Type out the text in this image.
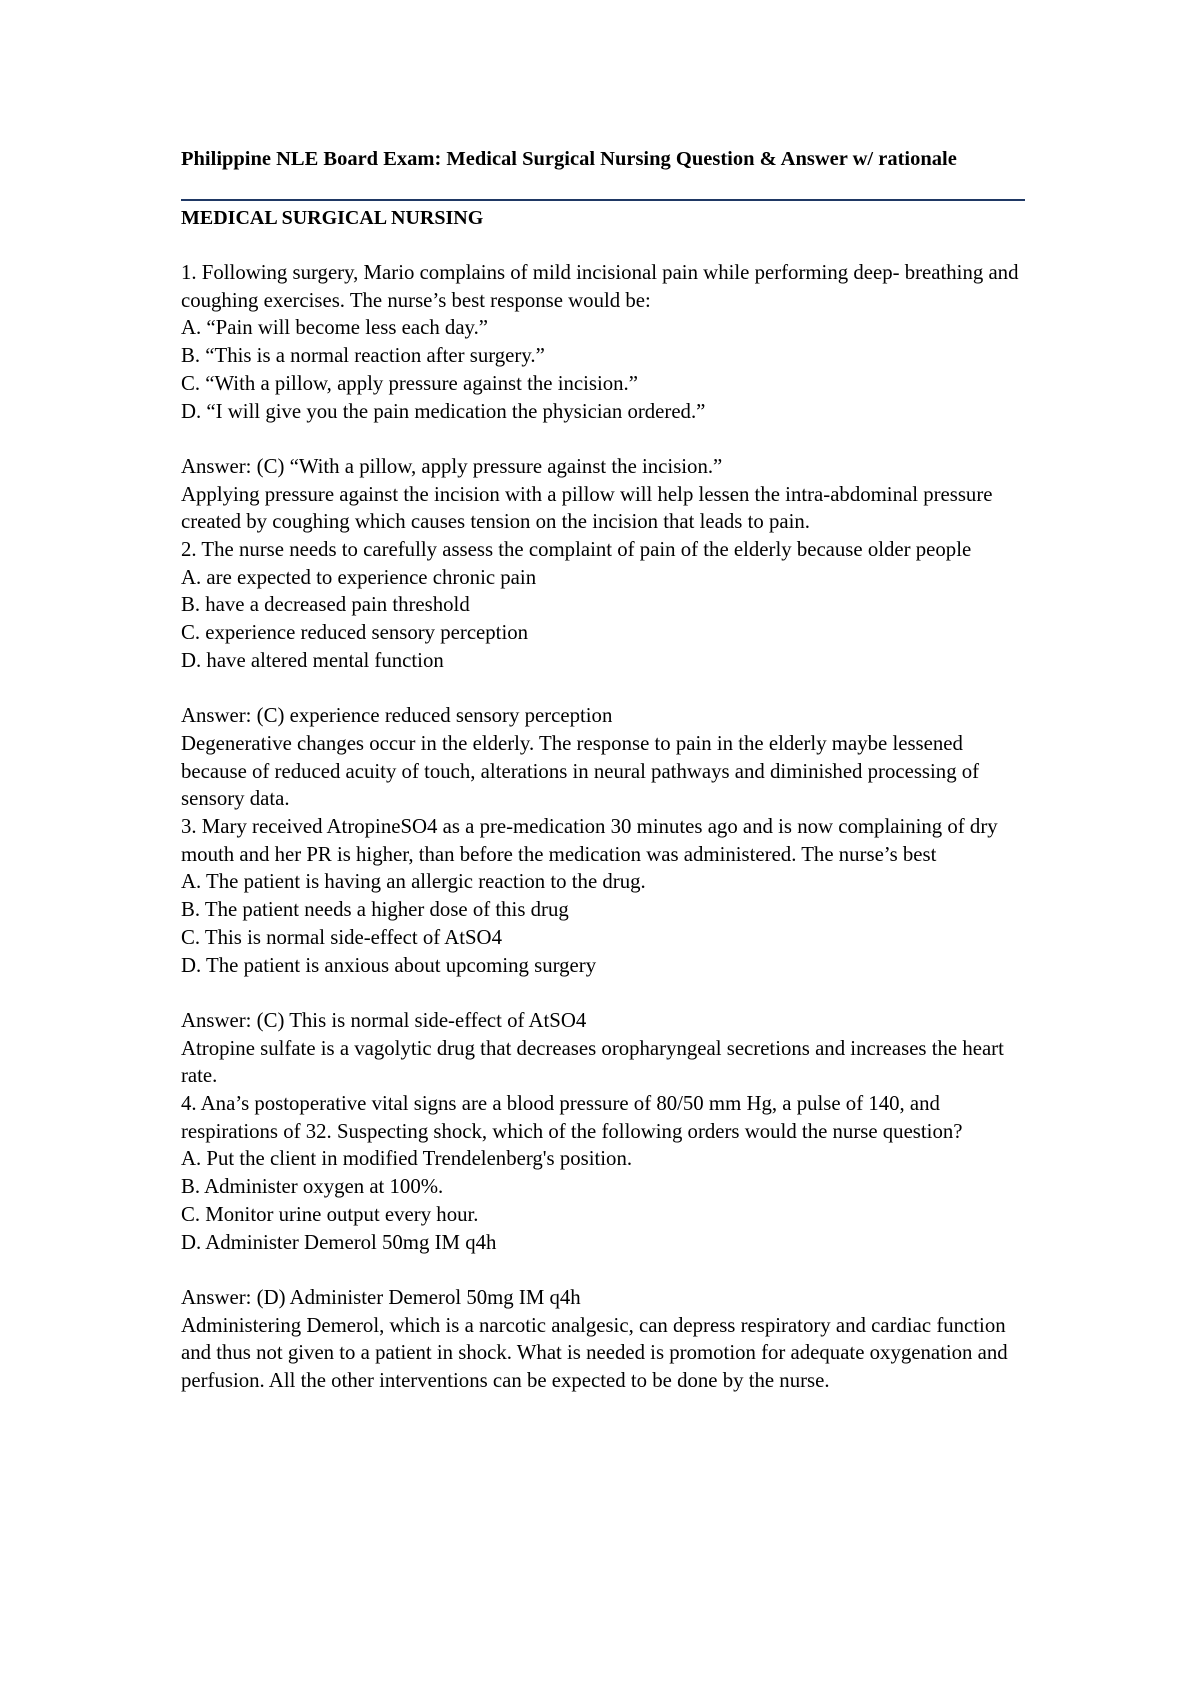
Philippine NLE Board Exam: Medical Surgical Nursing Question & Answer w/ rationale
MEDICAL SURGICAL NURSING

1. Following surgery, Mario complains of mild incisional pain while performing deep- breathing and coughing exercises. The nurse’s best response would be:

A. “Pain will become less each day.”

B. “This is a normal reaction after surgery.”

C. “With a pillow, apply pressure against the incision.”

D. “I will give you the pain medication the physician ordered.”

Answer: (C) “With a pillow, apply pressure against the incision.”

Applying pressure against the incision with a pillow will help lessen the intra-abdominal pressure created by coughing which causes tension on the incision that leads to pain.

2. The nurse needs to carefully assess the complaint of pain of the elderly because older people

A. are expected to experience chronic pain

B. have a decreased pain threshold

C. experience reduced sensory perception

D. have altered mental function

Answer: (C) experience reduced sensory perception

Degenerative changes occur in the elderly. The response to pain in the elderly maybe lessened because of reduced acuity of touch, alterations in neural pathways and diminished processing of sensory data.

3. Mary received AtropineSO4 as a pre-medication 30 minutes ago and is now complaining of dry mouth and her PR is higher, than before the medication was administered. The nurse’s best

A. The patient is having an allergic reaction to the drug.

B. The patient needs a higher dose of this drug

C. This is normal side-effect of AtSO4

D. The patient is anxious about upcoming surgery

Answer: (C) This is normal side-effect of AtSO4

Atropine sulfate is a vagolytic drug that decreases oropharyngeal secretions and increases the heart rate.

4. Ana’s postoperative vital signs are a blood pressure of 80/50 mm Hg, a pulse of 140, and respirations of 32. Suspecting shock, which of the following orders would the nurse question?

A. Put the client in modified Trendelenberg's position.

B. Administer oxygen at 100%.

C. Monitor urine output every hour.

D. Administer Demerol 50mg IM q4h

Answer: (D) Administer Demerol 50mg IM q4h

Administering Demerol, which is a narcotic analgesic, can depress respiratory and cardiac function and thus not given to a patient in shock. What is needed is promotion for adequate oxygenation and perfusion. All the other interventions can be expected to be done by the nurse.
